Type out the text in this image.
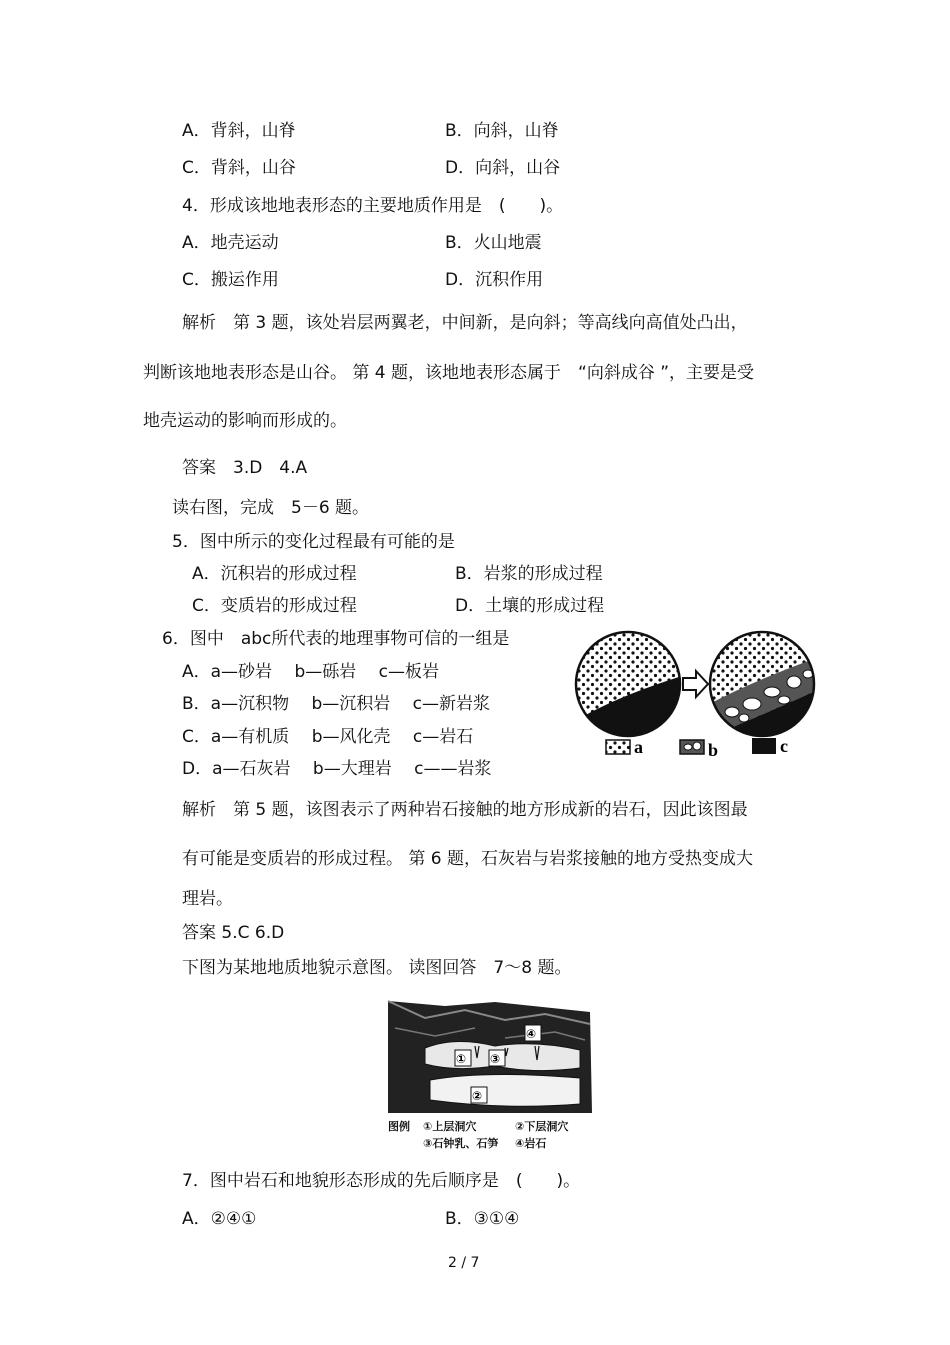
A．背斜，山脊	B．向斜，山脊
C．背斜，山谷	D．向斜，山谷
4．形成该地地表形态的主要地质作用是　(　　)。
A．地壳运动	B．火山地震
C．搬运作用	D．沉积作用
解析　第 3 题，该处岩层两翼老，中间新，是向斜；等高线向高值处凸出，
判断该地地表形态是山谷。 第 4 题，该地地表形态属于　“向斜成谷 ”，主要是受
地壳运动的影响而形成的。
答案　3.D　4.A
读右图，完成　5－6 题。
5．图中所示的变化过程最有可能的是
A．沉积岩的形成过程	B．岩浆的形成过程
C．变质岩的形成过程	D．土壤的形成过程
6．图中　abc所代表的地理事物可信的一组是
A．a—砂岩　 b—砾岩　 c—板岩
B．a—沉积物　 b—沉积岩　 c—新岩浆
C．a—有机质　 b—风化壳　 c—岩石
D．a—石灰岩　 b—大理岩　 c——岩浆
a	b	c
解析　第 5 题，该图表示了两种岩石接触的地方形成新的岩石，因此该图最
有可能是变质岩的形成过程。 第 6 题，石灰岩与岩浆接触的地方受热变成大
理岩。
答案 5.C 6.D
下图为某地地质地貌示意图。 读图回答　7～8 题。
①
②
③
④
图例 ①上层洞穴	②下层洞穴
③石钟乳、石笋 ④岩石
7．图中岩石和地貌形态形成的先后顺序是　(　　)。
A．②④①	B．③①④
2 / 7
